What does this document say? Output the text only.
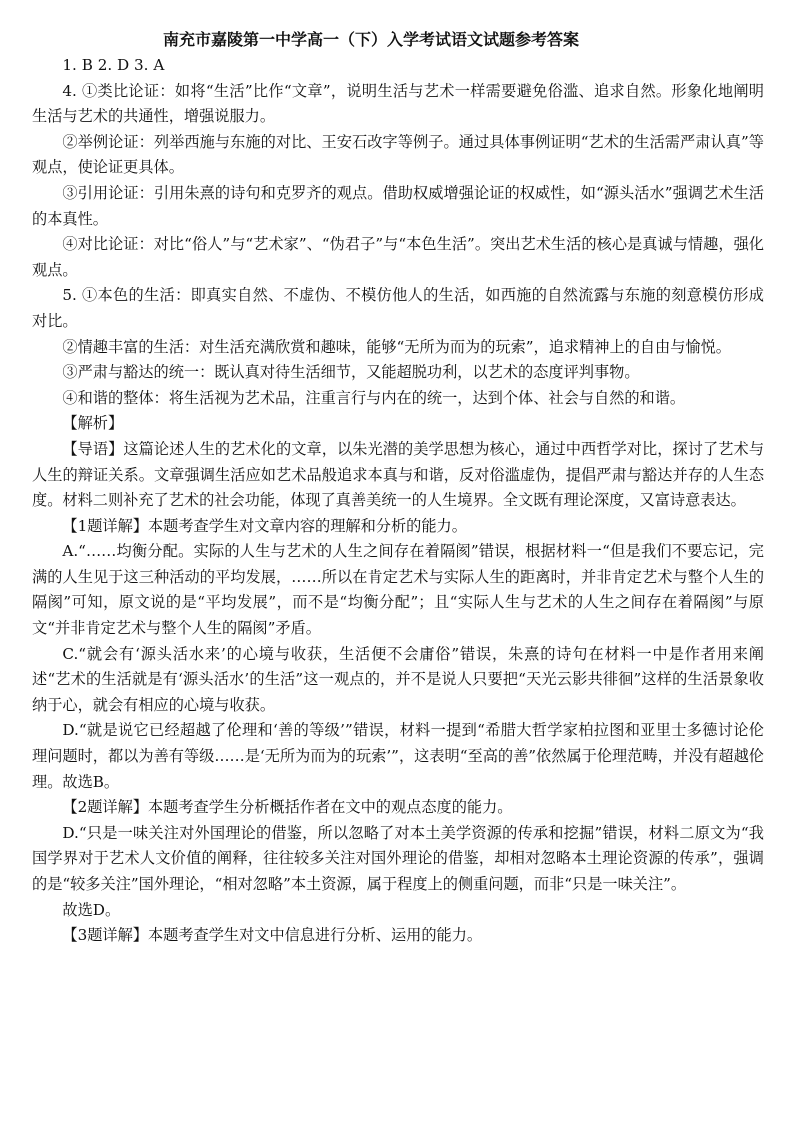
南充市嘉陵第一中学高一（下）入学考试语文试题参考答案

1. B 2. D 3. A

4. ①类比论证：如将“生活”比作“文章”，说明生活与艺术一样需要避免俗滥、追求自然。形象化地阐明生活与艺术的共通性，增强说服力。

②举例论证：列举西施与东施的对比、王安石改字等例子。通过具体事例证明“艺术的生活需严肃认真”等观点，使论证更具体。

③引用论证：引用朱熹的诗句和克罗齐的观点。借助权威增强论证的权威性，如“源头活水”强调艺术生活的本真性。

④对比论证：对比“俗人”与“艺术家”、“伪君子”与“本色生活”。突出艺术生活的核心是真诚与情趣，强化观点。

5. ①本色的生活：即真实自然、不虚伪、不模仿他人的生活，如西施的自然流露与东施的刻意模仿形成对比。

②情趣丰富的生活：对生活充满欣赏和趣味，能够“无所为而为的玩索”，追求精神上的自由与愉悦。

③严肃与豁达的统一：既认真对待生活细节，又能超脱功利，以艺术的态度评判事物。

④和谐的整体：将生活视为艺术品，注重言行与内在的统一，达到个体、社会与自然的和谐。

【解析】

【导语】这篇论述人生的艺术化的文章，以朱光潜的美学思想为核心，通过中西哲学对比，探讨了艺术与人生的辩证关系。文章强调生活应如艺术品般追求本真与和谐，反对俗滥虚伪，提倡严肃与豁达并存的人生态度。材料二则补充了艺术的社会功能，体现了真善美统一的人生境界。全文既有理论深度，又富诗意表达。

【1题详解】本题考查学生对文章内容的理解和分析的能力。

A.“……均衡分配。实际的人生与艺术的人生之间存在着隔阂”错误，根据材料一“但是我们不要忘记，完满的人生见于这三种活动的平均发展，……所以在肯定艺术与实际人生的距离时，并非肯定艺术与整个人生的隔阂”可知，原文说的是“平均发展”，而不是“均衡分配”；且“实际人生与艺术的人生之间存在着隔阂”与原文“并非肯定艺术与整个人生的隔阂”矛盾。

C.“就会有‘源头活水来’的心境与收获，生活便不会庸俗”错误，朱熹的诗句在材料一中是作者用来阐述“艺术的生活就是有‘源头活水’的生活”这一观点的，并不是说人只要把“天光云影共徘徊”这样的生活景象收纳于心，就会有相应的心境与收获。

D.“就是说它已经超越了伦理和‘善的等级’”错误，材料一提到“希腊大哲学家柏拉图和亚里士多德讨论伦理问题时，都以为善有等级……是‘无所为而为的玩索’”，这表明“至高的善”依然属于伦理范畴，并没有超越伦理。故选B。

【2题详解】本题考查学生分析概括作者在文中的观点态度的能力。

D.“只是一味关注对外国理论的借鉴，所以忽略了对本土美学资源的传承和挖掘”错误，材料二原文为“我国学界对于艺术人文价值的阐释，往往较多关注对国外理论的借鉴，却相对忽略本土理论资源的传承”，强调的是“较多关注”国外理论，“相对忽略”本土资源，属于程度上的侧重问题，而非“只是一味关注”。

故选D。

【3题详解】本题考查学生对文中信息进行分析、运用的能力。
